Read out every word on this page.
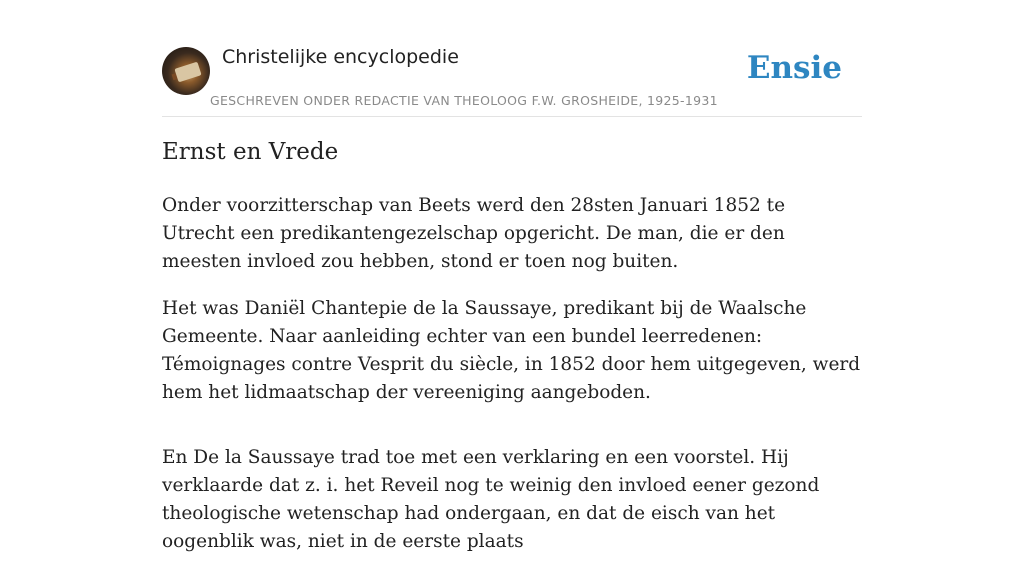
Christelijke encyclopedie
GESCHREVEN ONDER REDACTIE VAN THEOLOOG F.W. GROSHEIDE, 1925-1931
Ensie
Ernst en Vrede

Onder voorzitterschap van Beets werd den 28sten Januari 1852 te Utrecht een predikantengezelschap opgericht. De man, die er den meesten invloed zou hebben, stond er toen nog buiten.

Het was Daniël Chantepie de la Saussaye, predikant bij de Waalsche Gemeente. Naar aanleiding echter van een bundel leerredenen: Témoignages contre Vesprit du siècle, in 1852 door hem uitgegeven, werd hem het lidmaatschap der vereeniging aangeboden.

En De la Saussaye trad toe met een verklaring en een voorstel. Hij verklaarde dat z. i. het Reveil nog te weinig den invloed eener gezond theologische wetenschap had ondergaan, en dat de eisch van het oogenblik was, niet in de eerste plaats
